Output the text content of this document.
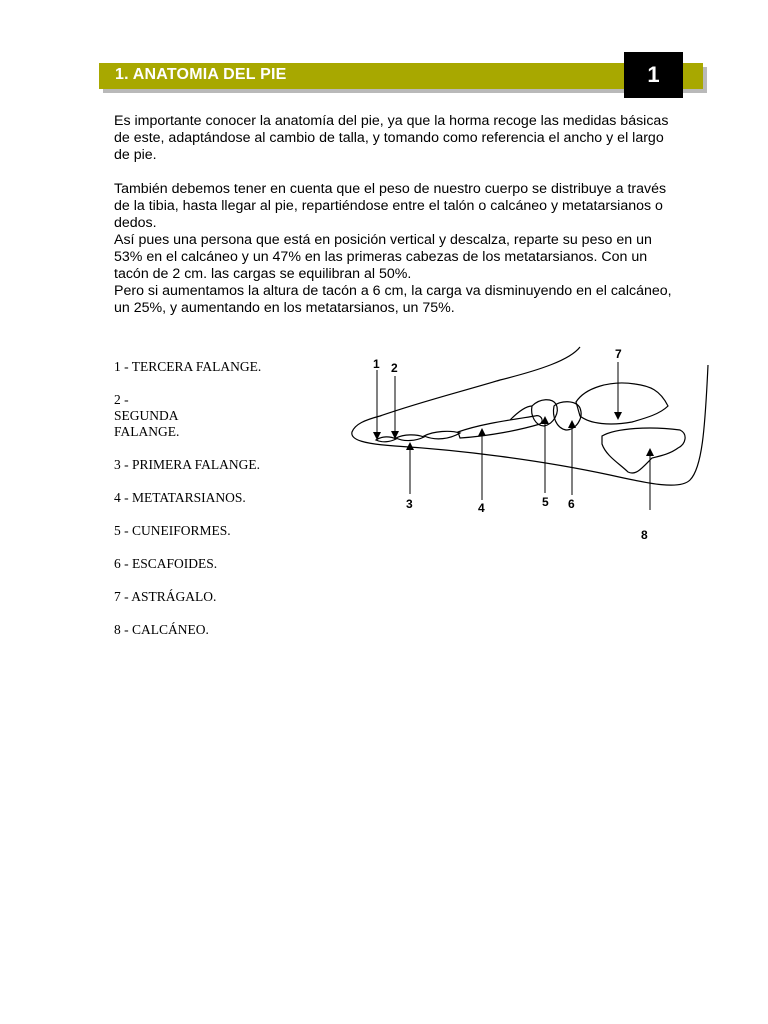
1. ANATOMIA DEL PIE	1
Es importante conocer la anatomía del pie, ya que la horma recoge las medidas básicas
de este, adaptándose al cambio de talla, y tomando como referencia el ancho y el largo
de pie.
También debemos tener en cuenta que el peso de nuestro cuerpo se distribuye a través
de la tibia, hasta llegar al pie, repartiéndose entre el talón o calcáneo y metatarsianos o
dedos.
Así pues una persona que está en posición vertical y descalza, reparte su peso en un
53% en el calcáneo y un 47% en las primeras cabezas de los metatarsianos. Con un
tacón de 2 cm. las cargas se equilibran al 50%.
Pero si aumentamos la altura de tacón a 6 cm, la carga va disminuyendo en el calcáneo,
un 25%, y aumentando en los metatarsianos, un 75%.
1 - TERCERA FALANGE.
2 -
SEGUNDA
FALANGE.
3 - PRIMERA FALANGE.
4 - METATARSIANOS.
5 - CUNEIFORMES.
6 - ESCAFOIDES.
7 - ASTRÁGALO.
8 - CALCÁNEO.
1 2
3	4	5 6
7
8
